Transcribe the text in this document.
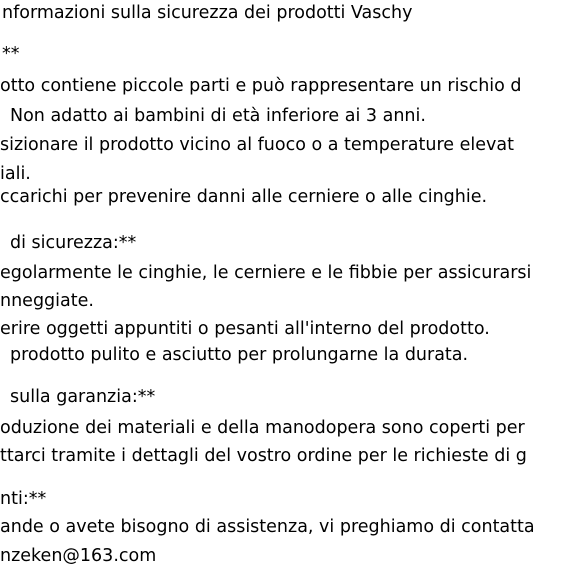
nformazioni sulla sicurezza dei prodotti Vaschy
**
otto contiene piccole parti e può rappresentare un rischio d
Non adatto ai bambini di età inferiore ai 3 anni.
sizionare il prodotto vicino al fuoco o a temperature elevat
iali.
ccarichi per prevenire danni alle cerniere o alle cinghie.
di sicurezza:**
egolarmente le cinghie, le cerniere e le fibbie per assicurarsi
nneggiate.
erire oggetti appuntiti o pesanti all'interno del prodotto.
prodotto pulito e asciutto per prolungarne la durata.
sulla garanzia:**
oduzione dei materiali e della manodopera sono coperti per
ttarci tramite i dettagli del vostro ordine per le richieste di g
nti:**
ande o avete bisogno di assistenza, vi preghiamo di contatta
nzeken@163.com
